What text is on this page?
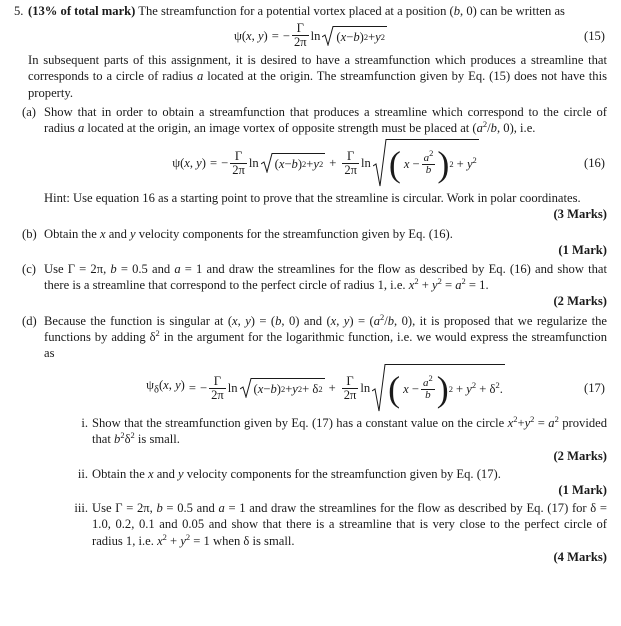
5. (13% of total mark) The streamfunction for a potential vortex placed at a position (b, 0) can be written as

ψ(x, y) = − $\frac{\Gamma}{2\pi}$ ln ( x − b ) 2 + y 2	(15)

In subsequent parts of this assignment, it is desired to have a streamfunction which produces a streamline that corresponds to a circle of radius a located at the origin. The streamfunction given by Eq. (15) does not have this property.

(a) Show that in order to obtain a streamfunction that produces a streamline which correspond to the circle of radius a located at the origin, an image vortex of opposite strength must be placed at ($a^2/b$, 0), i.e.
ψ(x, y) = − $\frac{\Gamma}{2\pi}$ ln ( x − b ) 2 + y $2 + \frac{\Gamma}{2\pi}$ ln ( $x - \frac{a^2}{b}$ ) $2 + y^2$	(16)
Hint: Use equation 16 as a starting point to prove that the streamline is circular. Work in polar coordinates.
(3 Marks)
(b) Obtain the x and y velocity components for the streamfunction given by Eq. (16).
(1 Mark)
(c) Use Γ = 2π, b = 0.5 and a = 1 and draw the streamlines for the flow as described by Eq. (16) and show that there is a streamline that correspond to the perfect circle of radius 1, i.e. $x^2 + y^2 = a^2 = 1$.
(2 Marks)
(d) Because the function is singular at (x, y) = (b, 0) and (x, $y) = (a^2/b$, 0), it is proposed that we regularize the functions by adding $\delta^2$ in the argument for the logarithmic function, i.e. we would express the streamfunction as
$\psi_\delta(x$, y) = − $\frac{\Gamma}{2\pi}$ ln ( x − b ) 2 + y 2 + δ $2 + \frac{\Gamma}{2\pi}$ ln ( $x - \frac{a^2}{b}$ ) $2 + y^2 + \delta^2$.	(17)
i. Show that the streamfunction given by Eq. (17) has a constant value on the circle $x^2+y^2 = a^2$ provided that $b^2\delta^2$ is small.
(2 Marks)
ii. Obtain the x and y velocity components for the streamfunction given by Eq. (17).
(1 Mark)
iii. Use Γ = 2π, b = 0.5 and a = 1 and draw the streamlines for the flow as described by Eq. (17) for δ = 1.0, 0.2, 0.1 and 0.05 and show that there is a streamline that is very close to the perfect circle of radius 1, i.e. $x^2 + y^2 = 1$ when δ is small.
(4 Marks)
